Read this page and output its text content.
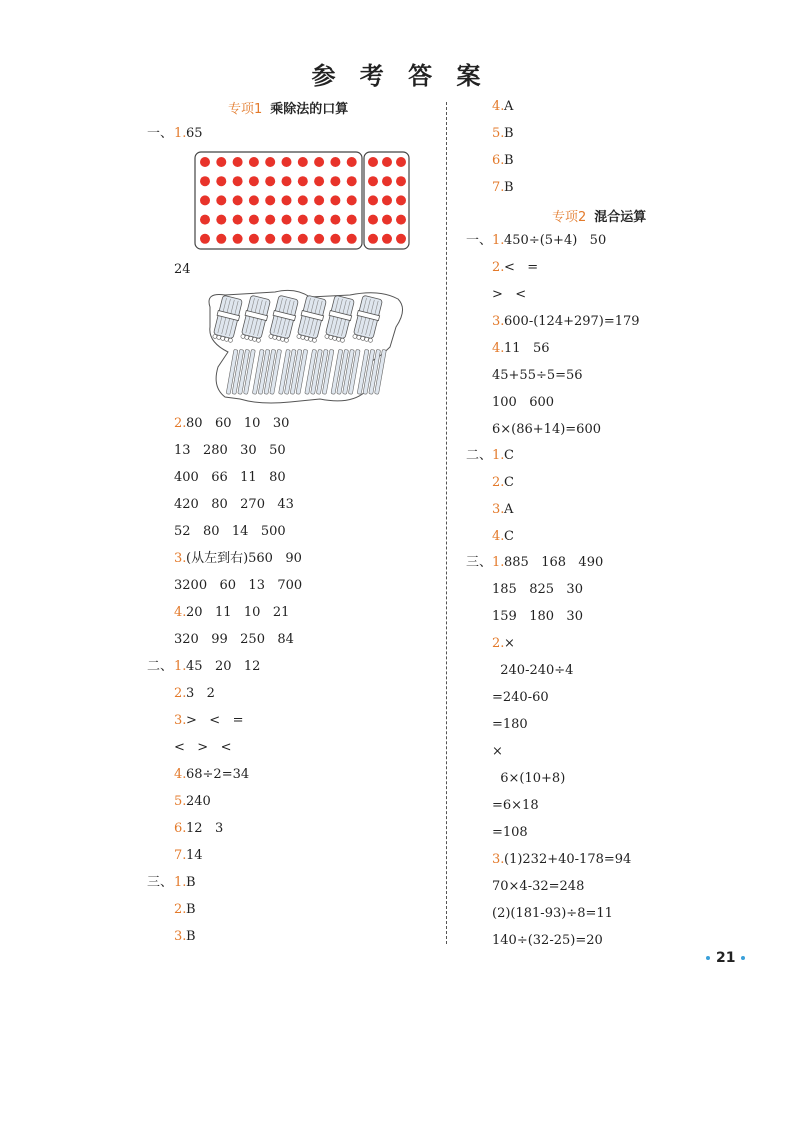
参 考 答 案
专项1 乘除法的口算
21
一、 1. 65
24
2. 80   60   10   30
13   280   30   50
400   66   11   80
420   80   270   43
52   80   14   500
3. (从左到右)560   90
3200   60   13   700
4. 20   11   10   21
320   99   250   84
二、 1. 45   20   12
2. 3   2
3. >   <   =
<   >   <
4. 68÷2=34
5. 240
6. 12   3
7. 14
三、 1. B
2. B
3. B
4. A
5. B
6. B
7. B
一、 1. 450÷(5+4)   50
2. <   =
>   <
3. 600-(124+297)=179
4. 11   56
45+55÷5=56
100   600
6×(86+14)=600
二、 1. C
2. C
3. A
4. C
三、 1. 885   168   490
185   825   30
159   180   30
2. ×
240-240÷4
=240-60
=180
×
6×(10+8)
=6×18
=108
3. (1)232+40-178=94
70×4-32=248
(2)(181-93)÷8=11
140÷(32-25)=20
专项2 混合运算
